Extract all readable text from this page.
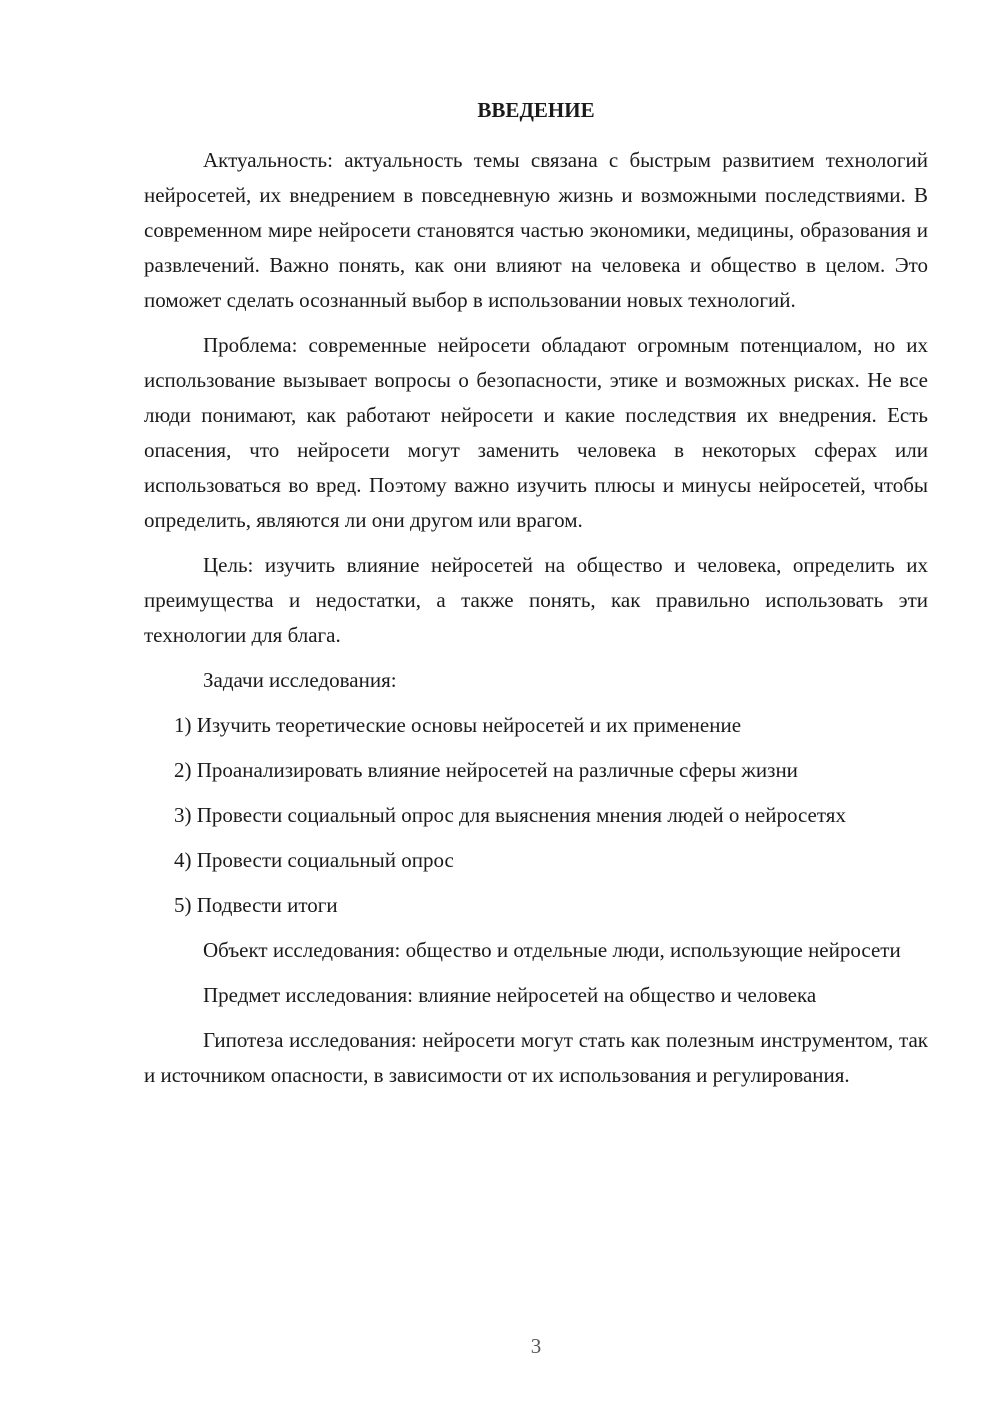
ВВЕДЕНИЕ

Актуальность: актуальность темы связана с быстрым развитием технологий нейросетей, их внедрением в повседневную жизнь и возможными последствиями. В современном мире нейросети становятся частью экономики, медицины, образования и развлечений. Важно понять, как они влияют на человека и общество в целом. Это поможет сделать осознанный выбор в использовании новых технологий.

Проблема: современные нейросети обладают огромным потенциалом, но их использование вызывает вопросы о безопасности, этике и возможных рисках. Не все люди понимают, как работают нейросети и какие последствия их внедрения. Есть опасения, что нейросети могут заменить человека в некоторых сферах или использоваться во вред. Поэтому важно изучить плюсы и минусы нейросетей, чтобы определить, являются ли они другом или врагом.

Цель: изучить влияние нейросетей на общество и человека, определить их преимущества и недостатки, а также понять, как правильно использовать эти технологии для блага.

Задачи исследования:

1) Изучить теоретические основы нейросетей и их применение

2) Проанализировать влияние нейросетей на различные сферы жизни

3) Провести социальный опрос для выяснения мнения людей о нейросетях

4) Провести социальный опрос

5) Подвести итоги

Объект исследования: общество и отдельные люди, использующие нейросети

Предмет исследования: влияние нейросетей на общество и человека

Гипотеза исследования: нейросети могут стать как полезным инструментом, так и источником опасности, в зависимости от их использования и регулирования.

3
